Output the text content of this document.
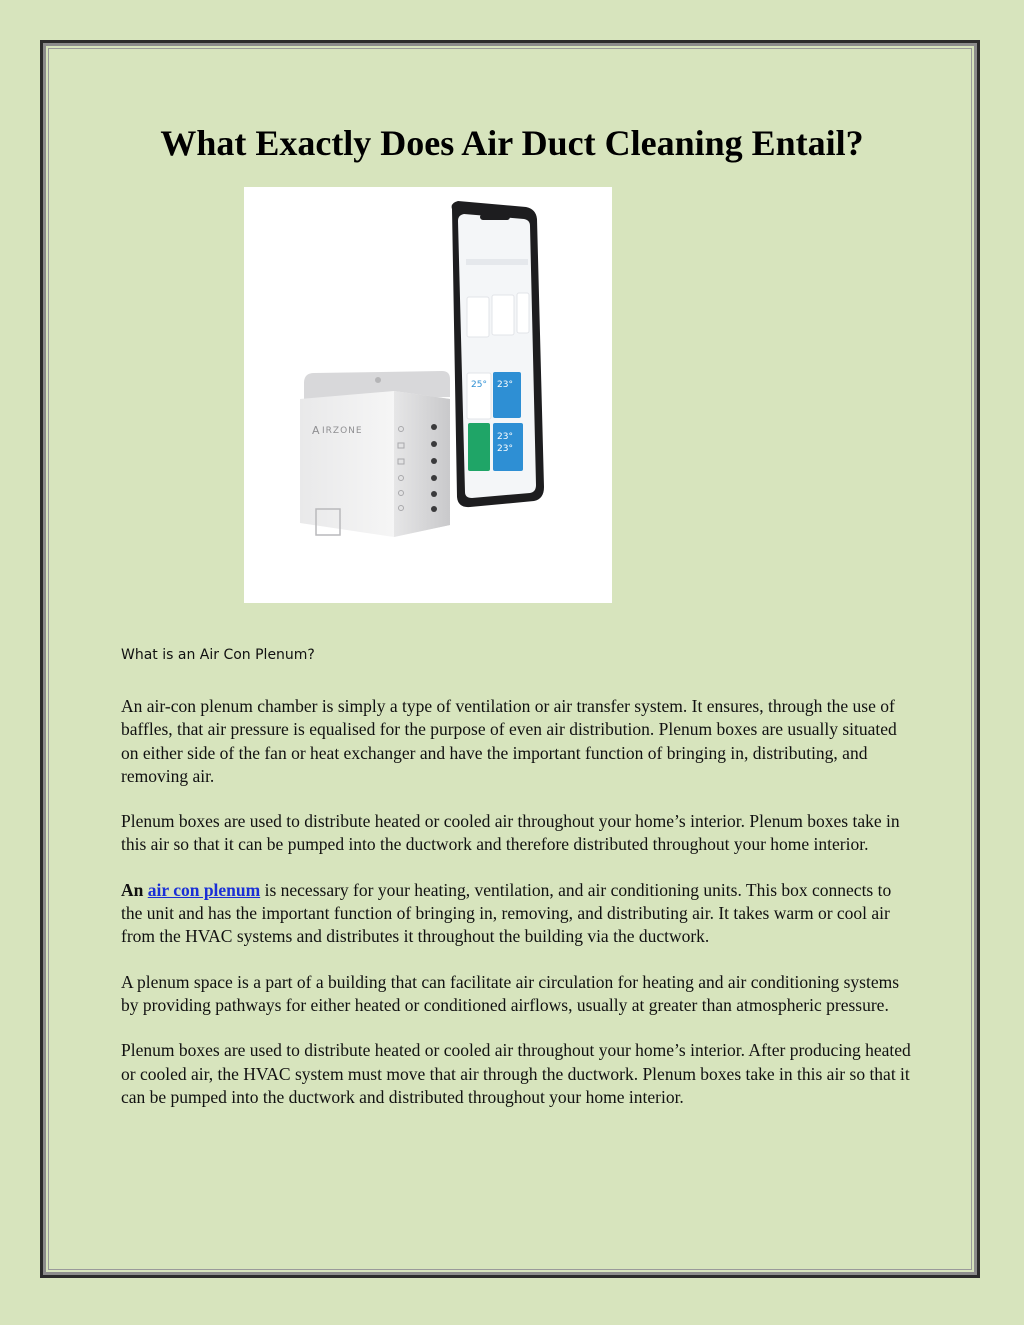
What Exactly Does Air Duct Cleaning Entail?
25° 23°
23°
23°
A IRZONE
What is an Air Con Plenum?

An air-con plenum chamber is simply a type of ventilation or air transfer system. It ensures, through the use of baffles, that air pressure is equalised for the purpose of even air distribution. Plenum boxes are usually situated on either side of the fan or heat exchanger and have the important function of bringing in, distributing, and removing air.

Plenum boxes are used to distribute heated or cooled air throughout your home’s interior. Plenum boxes take in this air so that it can be pumped into the ductwork and therefore distributed throughout your home interior.

An air con plenum is necessary for your heating, ventilation, and air conditioning units. This box connects to the unit and has the important function of bringing in, removing, and distributing air. It takes warm or cool air from the HVAC systems and distributes it throughout the building via the ductwork.

A plenum space is a part of a building that can facilitate air circulation for heating and air conditioning systems by providing pathways for either heated or conditioned airflows, usually at greater than atmospheric pressure.

Plenum boxes are used to distribute heated or cooled air throughout your home’s interior. After producing heated or cooled air, the HVAC system must move that air through the ductwork. Plenum boxes take in this air so that it can be pumped into the ductwork and distributed throughout your home interior.
